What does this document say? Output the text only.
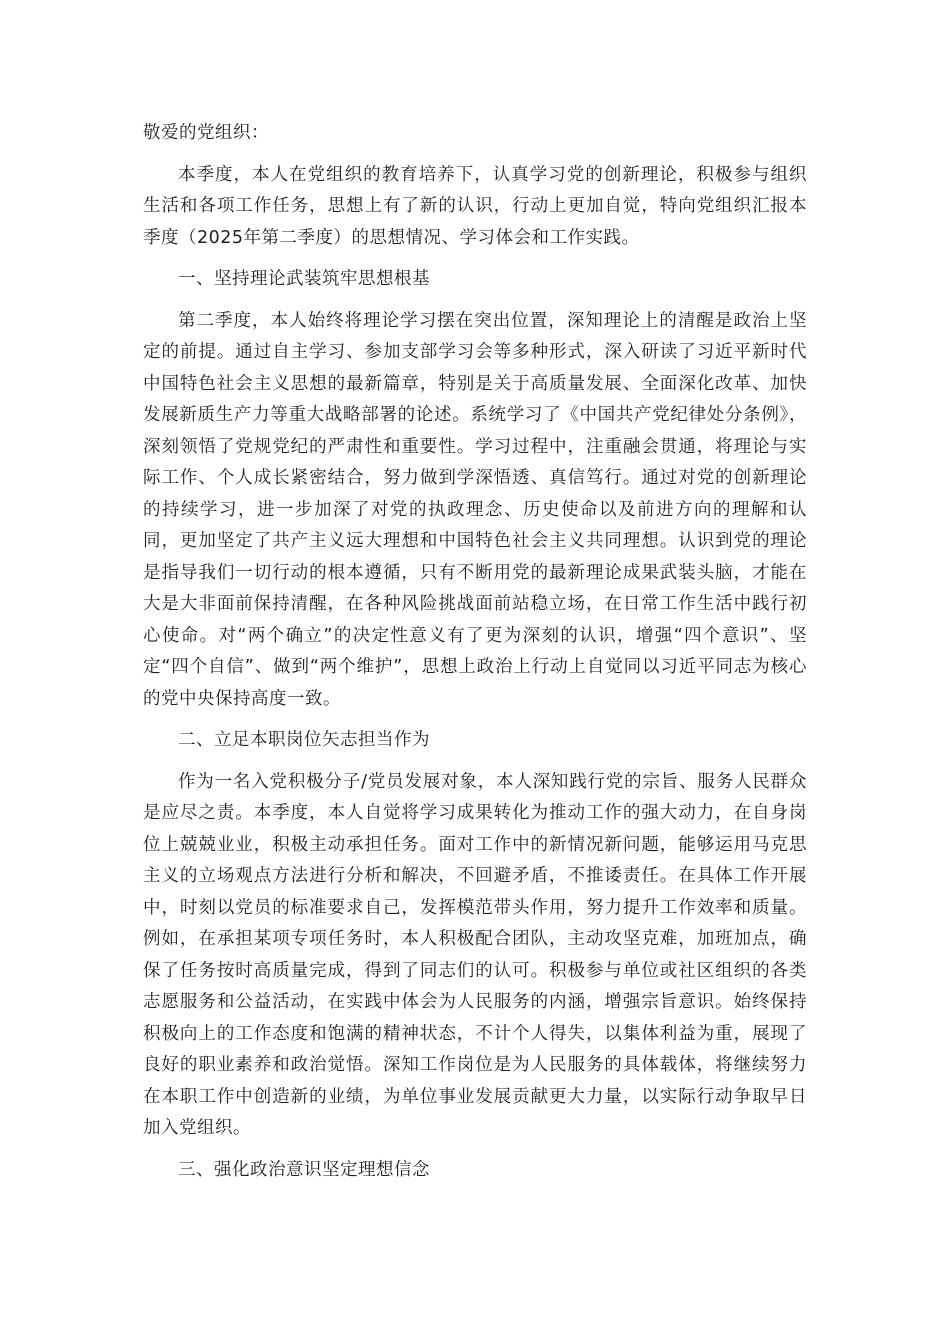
敬爱的党组织：

本季度，本人在党组织的教育培养下，认真学习党的创新理论，积极参与组织生活和各项工作任务，思想上有了新的认识，行动上更加自觉，特向党组织汇报本季度（2025年第二季度）的思想情况、学习体会和工作实践。

一、坚持理论武装筑牢思想根基

第二季度，本人始终将理论学习摆在突出位置，深知理论上的清醒是政治上坚定的前提。通过自主学习、参加支部学习会等多种形式，深入研读了习近平新时代中国特色社会主义思想的最新篇章，特别是关于高质量发展、全面深化改革、加快发展新质生产力等重大战略部署的论述。系统学习了《中国共产党纪律处分条例》，深刻领悟了党规党纪的严肃性和重要性。学习过程中，注重融会贯通，将理论与实际工作、个人成长紧密结合，努力做到学深悟透、真信笃行。通过对党的创新理论的持续学习，进一步加深了对党的执政理念、历史使命以及前进方向的理解和认同，更加坚定了共产主义远大理想和中国特色社会主义共同理想。认识到党的理论是指导我们一切行动的根本遵循，只有不断用党的最新理论成果武装头脑，才能在大是大非面前保持清醒，在各种风险挑战面前站稳立场，在日常工作生活中践行初心使命。对“两个确立”的决定性意义有了更为深刻的认识，增强“四个意识”、坚定“四个自信”、做到“两个维护”，思想上政治上行动上自觉同以习近平同志为核心的党中央保持高度一致。

二、立足本职岗位矢志担当作为

作为一名入党积极分子/党员发展对象，本人深知践行党的宗旨、服务人民群众是应尽之责。本季度，本人自觉将学习成果转化为推动工作的强大动力，在自身岗位上兢兢业业，积极主动承担任务。面对工作中的新情况新问题，能够运用马克思主义的立场观点方法进行分析和解决，不回避矛盾，不推诿责任。在具体工作开展中，时刻以党员的标准要求自己，发挥模范带头作用，努力提升工作效率和质量。例如，在承担某项专项任务时，本人积极配合团队，主动攻坚克难，加班加点，确保了任务按时高质量完成，得到了同志们的认可。积极参与单位或社区组织的各类志愿服务和公益活动，在实践中体会为人民服务的内涵，增强宗旨意识。始终保持积极向上的工作态度和饱满的精神状态，不计个人得失，以集体利益为重，展现了良好的职业素养和政治觉悟。深知工作岗位是为人民服务的具体载体，将继续努力在本职工作中创造新的业绩，为单位事业发展贡献更大力量，以实际行动争取早日加入党组织。

三、强化政治意识坚定理想信念
